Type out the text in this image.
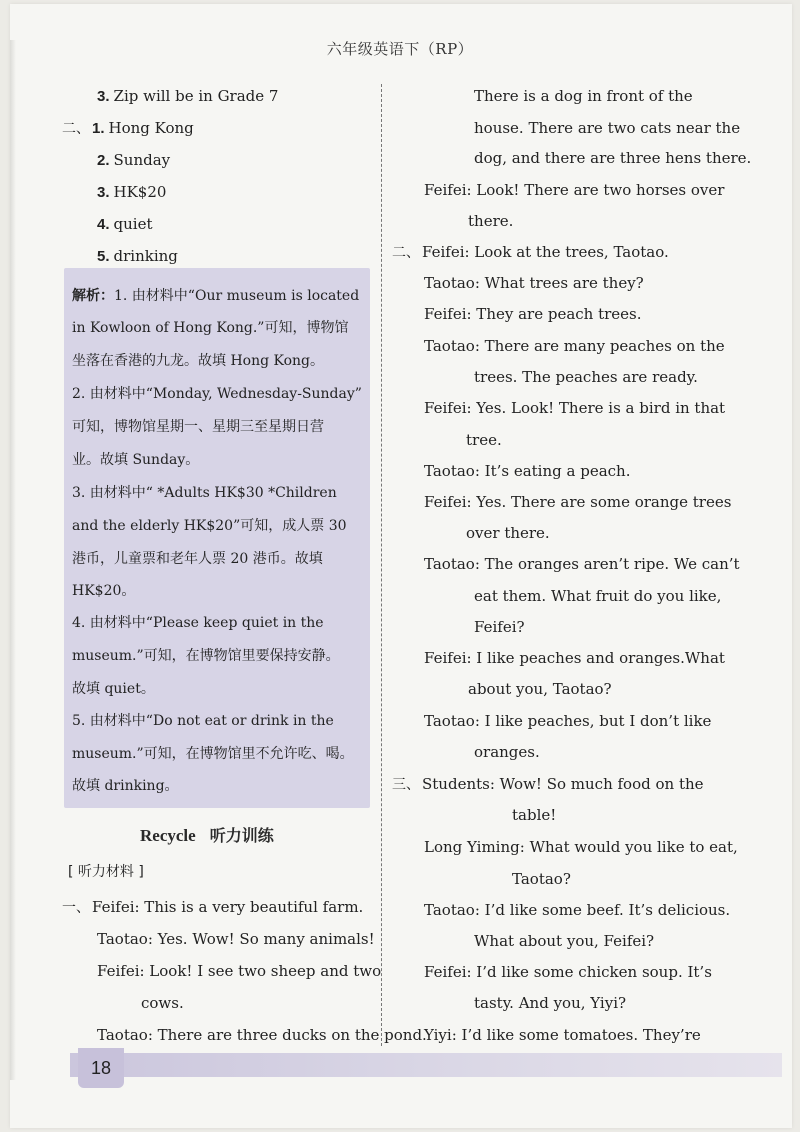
六年级英语下（RP）
3. Zip will be in Grade 7
二、 1. Hong Kong
2. Sunday
3. HK$20
4. quiet
5. drinking
解析：1. 由材料中“Our museum is located
in Kowloon of Hong Kong.”可知，博物馆
坐落在香港的九龙。故填 Hong Kong。
2. 由材料中“Monday, Wednesday-Sunday”
可知，博物馆星期一、星期三至星期日营
业。故填 Sunday。
3. 由材料中“ *Adults HK$30 *Children
and the elderly HK$20”可知，成人票 30
港币，儿童票和老年人票 20 港币。故填
HK$20。
4. 由材料中“Please keep quiet in the
museum.”可知，在博物馆里要保持安静。
故填 quiet。
5. 由材料中“Do not eat or drink in the
museum.”可知，在博物馆里不允许吃、喝。
故填 drinking。
Recycle 听力训练
[ 听力材料 ]
一、 Feifei: This is a very beautiful farm.
Taotao: Yes. Wow! So many animals!
Feifei: Look! I see two sheep and two
cows.
Taotao: There are three ducks on the pond.
There is a dog in front of the
house. There are two cats near the
dog, and there are three hens there.
Feifei: Look! There are two horses over
there.
二、 Feifei: Look at the trees, Taotao.
Taotao: What trees are they?
Feifei: They are peach trees.
Taotao: There are many peaches on the
trees. The peaches are ready.
Feifei: Yes. Look! There is a bird in that
tree.
Taotao: It’s eating a peach.
Feifei: Yes. There are some orange trees
over there.
Taotao: The oranges aren’t ripe. We can’t
eat them. What fruit do you like,
Feifei?
Feifei: I like peaches and oranges.What
about you, Taotao?
Taotao: I like peaches, but I don’t like
oranges.
三、 Students: Wow! So much food on the
table!
Long Yiming: What would you like to eat,
Taotao?
Taotao: I’d like some beef. It’s delicious.
What about you, Feifei?
Feifei: I’d like some chicken soup. It’s
tasty. And you, Yiyi?
Yiyi: I’d like some tomatoes. They’re
18
